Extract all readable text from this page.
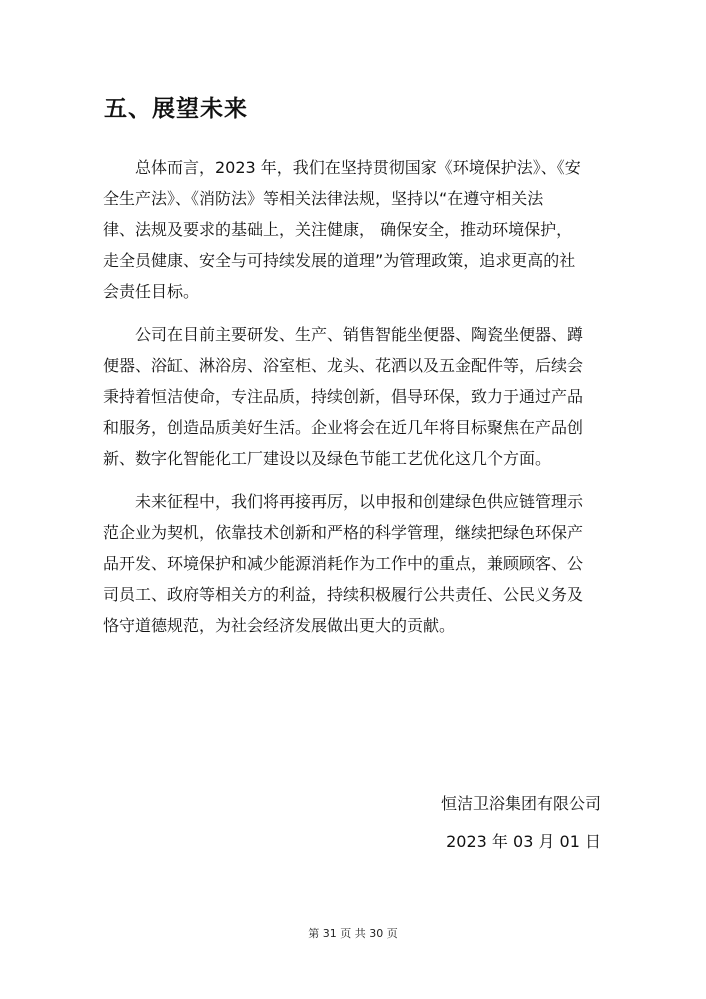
五、展望未来
　　总体而言，2023 年，我们在坚持贯彻国家《环境保护法》、《安
全生产法》、《消防法》等相关法律法规，坚持以“在遵守相关法
律、法规及要求的基础上，关注健康， 确保安全，推动环境保护，
走全员健康、安全与可持续发展的道理”为管理政策，追求更高的社
会责任目标。
　　公司在目前主要研发、生产、销售智能坐便器、陶瓷坐便器、蹲
便器、浴缸、淋浴房、浴室柜、龙头、花洒以及五金配件等，后续会
秉持着恒洁使命，专注品质，持续创新，倡导环保，致力于通过产品
和服务，创造品质美好生活。企业将会在近几年将目标聚焦在产品创
新、数字化智能化工厂建设以及绿色节能工艺优化这几个方面。
　　未来征程中，我们将再接再厉，以申报和创建绿色供应链管理示
范企业为契机，依靠技术创新和严格的科学管理，继续把绿色环保产
品开发、环境保护和减少能源消耗作为工作中的重点，兼顾顾客、公
司员工、政府等相关方的利益，持续积极履行公共责任、公民义务及
恪守道德规范，为社会经济发展做出更大的贡献。
恒洁卫浴集团有限公司
2023 年 03 月 01 日
第 31 页 共 30 页
